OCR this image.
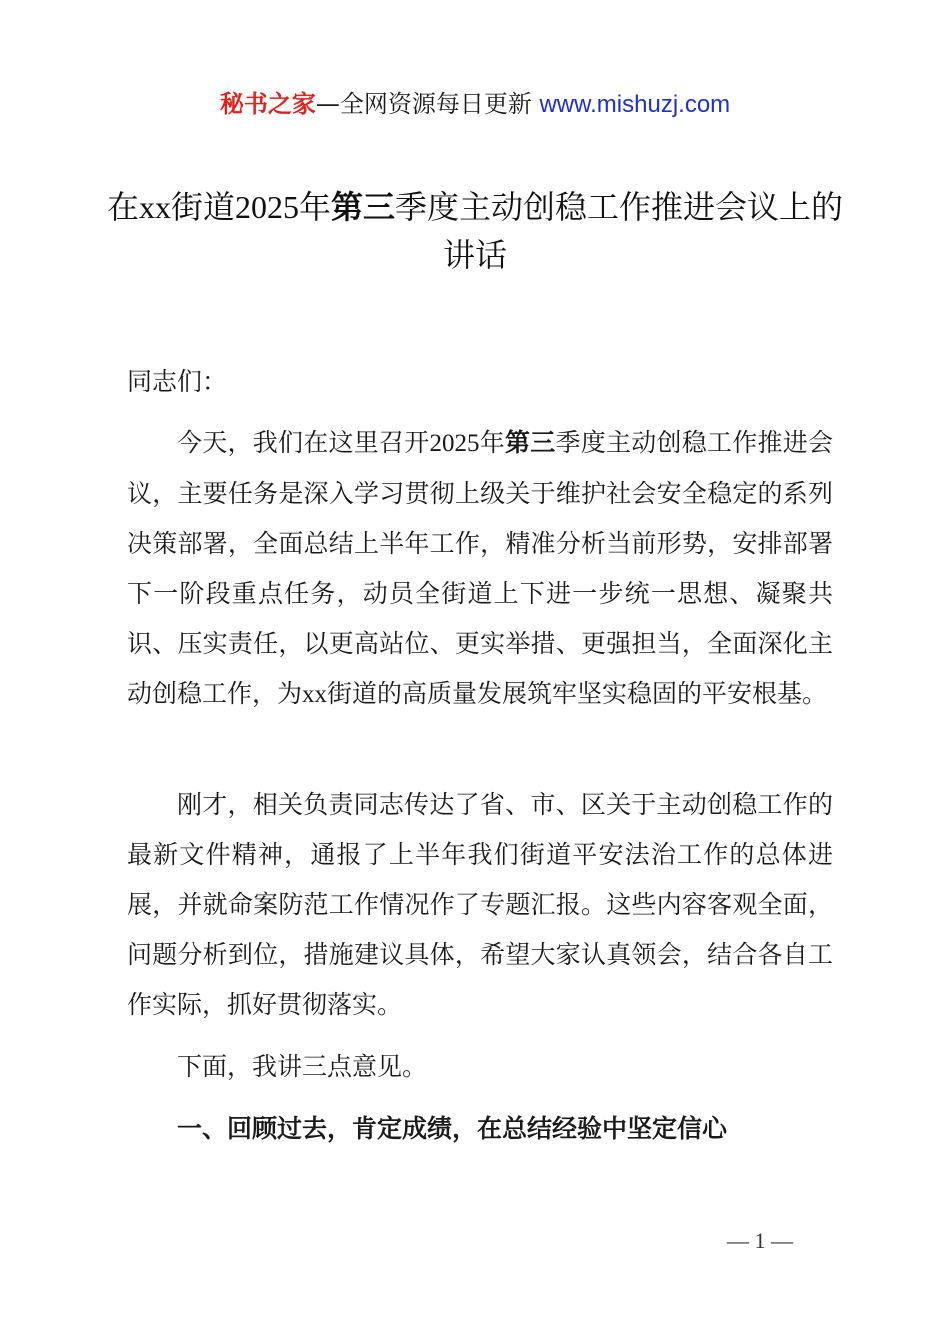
秘书之家—全网资源每日更新 www.mishuzj.com
在xx街道2025年第三季度主动创稳工作推进会议上的讲话
同志们：
今天，我们在这里召开2025年第三季度主动创稳工作推进会议，主要任务是深入学习贯彻上级关于维护社会安全稳定的系列决策部署，全面总结上半年工作，精准分析当前形势，安排部署下一阶段重点任务，动员全街道上下进一步统一思想、凝聚共识、压实责任，以更高站位、更实举措、更强担当，全面深化主动创稳工作，为xx街道的高质量发展筑牢坚实稳固的平安根基。
刚才，相关负责同志传达了省、市、区关于主动创稳工作的最新文件精神，通报了上半年我们街道平安法治工作的总体进展，并就命案防范工作情况作了专题汇报。这些内容客观全面，问题分析到位，措施建议具体，希望大家认真领会，结合各自工作实际，抓好贯彻落实。
下面，我讲三点意见。
一、回顾过去，肯定成绩，在总结经验中坚定信心
— 1 —
